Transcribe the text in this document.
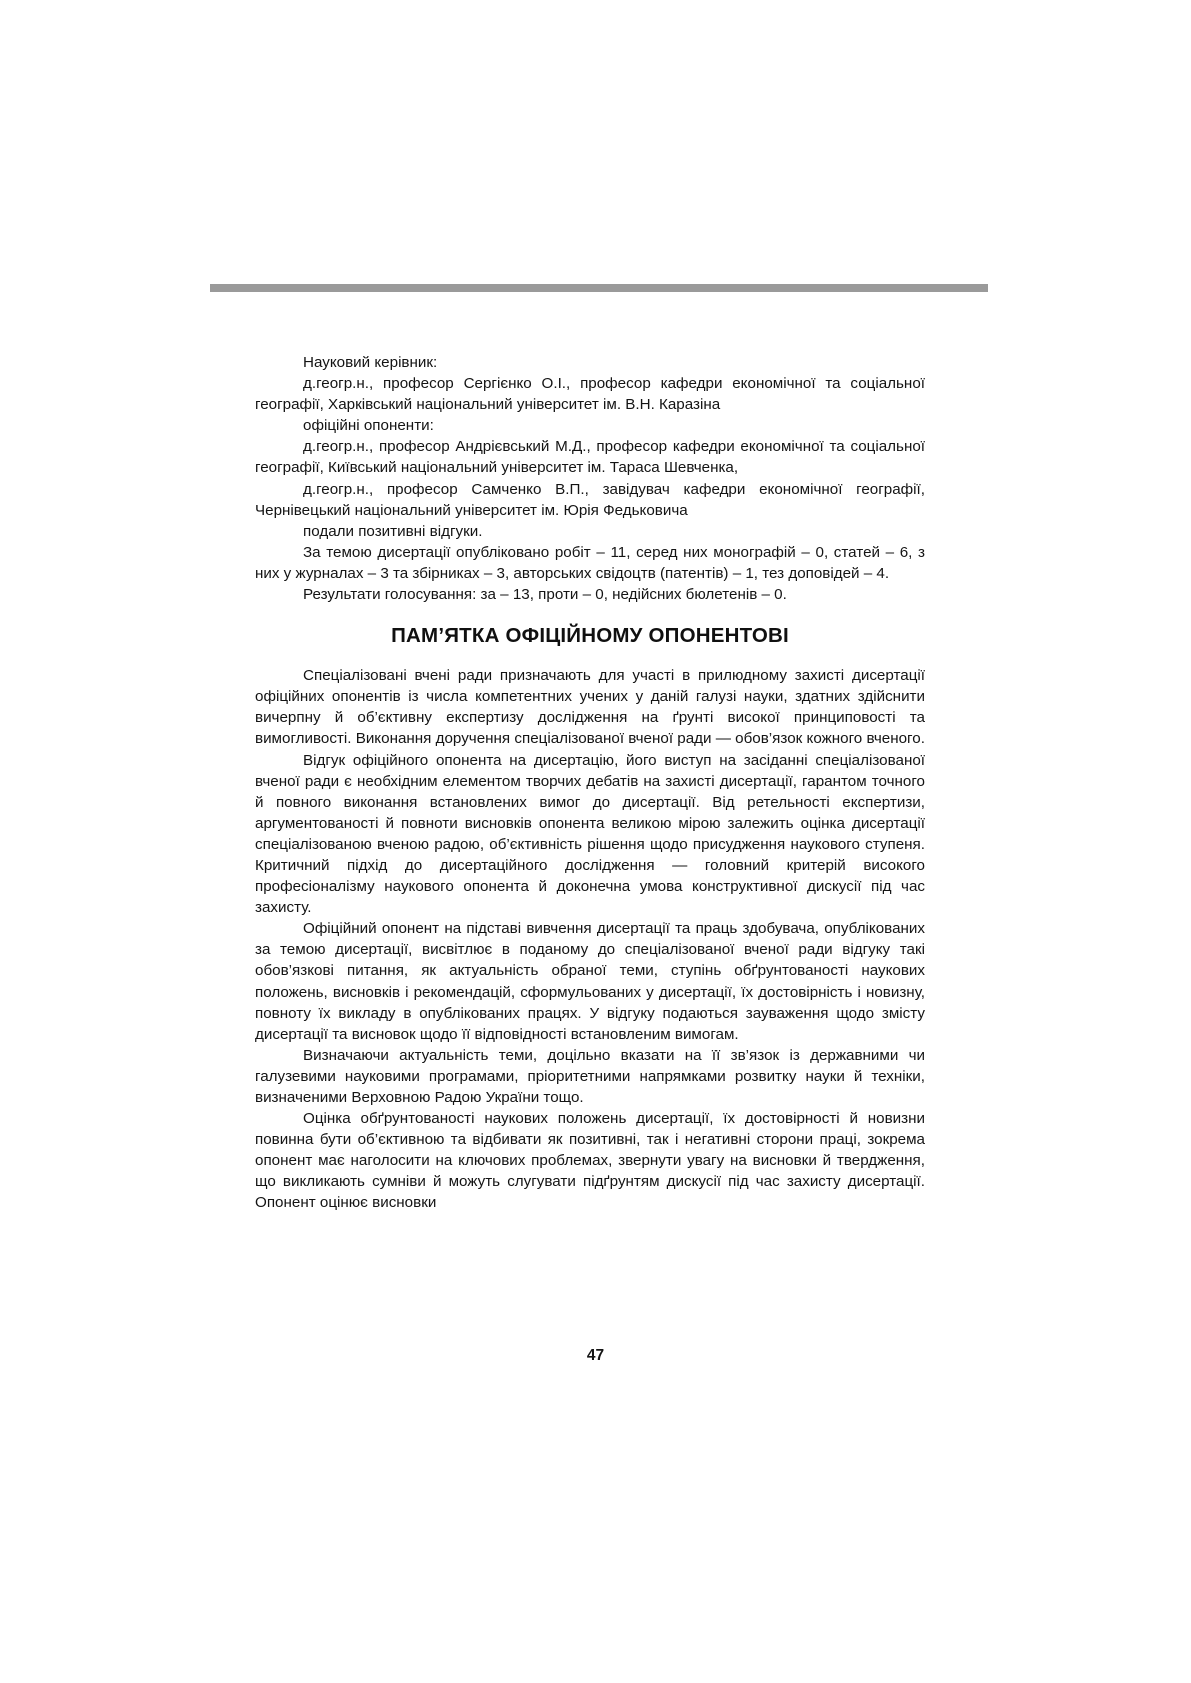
Науковий керівник:

д.геогр.н., професор Сергієнко О.І., професор кафедри економічної та соціальної географії, Харківський національний університет ім. В.Н. Каразіна

офіційні опоненти:

д.геогр.н., професор Андрієвський М.Д., професор кафедри економічної та соціальної географії, Київський національний університет ім. Тараса Шевченка,

д.геогр.н., професор Самченко В.П., завідувач кафедри економічної географії, Чернівецький національний університет ім. Юрія Федьковича

подали позитивні відгуки.

За темою дисертації опубліковано робіт – 11, серед них монографій – 0, статей – 6, з них у журналах – 3 та збірниках – 3, авторських свідоцтв (патентів) – 1, тез доповідей – 4.

Результати голосування: за – 13, проти – 0, недійсних бюлетенів – 0.

ПАМ’ЯТКА ОФІЦІЙНОМУ ОПОНЕНТОВІ

Спеціалізовані вчені ради призначають для участі в прилюдному захисті дисертації офіційних опонентів із числа компетентних учених у даній галузі науки, здатних здійснити вичерпну й об’єктивну експертизу дослідження на ґрунті високої принциповості та вимогливості. Виконання доручення спеціалізованої вченої ради — обов’язок кожного вченого.

Відгук офіційного опонента на дисертацію, його виступ на засіданні спеціалізованої вченої ради є необхідним елементом творчих дебатів на захисті дисертації, гарантом точного й повного виконання встановлених вимог до дисертації. Від ретельності експертизи, аргументованості й повноти висновків опонента великою мірою залежить оцінка дисертації спеціалізованою вченою радою, об’єктивність рішення щодо присудження наукового ступеня. Критичний підхід до дисертаційного дослідження — головний критерій високого професіоналізму наукового опонента й доконечна умова конструктивної дискусії під час захисту.

Офіційний опонент на підставі вивчення дисертації та праць здобувача, опублікованих за темою дисертації, висвітлює в поданому до спеціалізованої вченої ради відгуку такі обов’язкові питання, як актуальність обраної теми, ступінь обґрунтованості наукових положень, висновків і рекомендацій, сформульованих у дисертації, їх достовірність і новизну, повноту їх викладу в опублікованих працях. У відгуку подаються зауваження щодо змісту дисертації та висновок щодо її відповідності встановленим вимогам.

Визначаючи актуальність теми, доцільно вказати на її зв’язок із державними чи галузевими науковими програмами, пріоритетними напрямками розвитку науки й техніки, визначеними Верховною Радою України тощо.

Оцінка обґрунтованості наукових положень дисертації, їх достовірності й новизни повинна бути об’єктивною та відбивати як позитивні, так і негативні сторони праці, зокрема опонент має наголосити на ключових проблемах, звернути увагу на висновки й твердження, що викликають сумніви й можуть слугувати підґрунтям дискусії під час захисту дисертації. Опонент оцінює висновки

47
